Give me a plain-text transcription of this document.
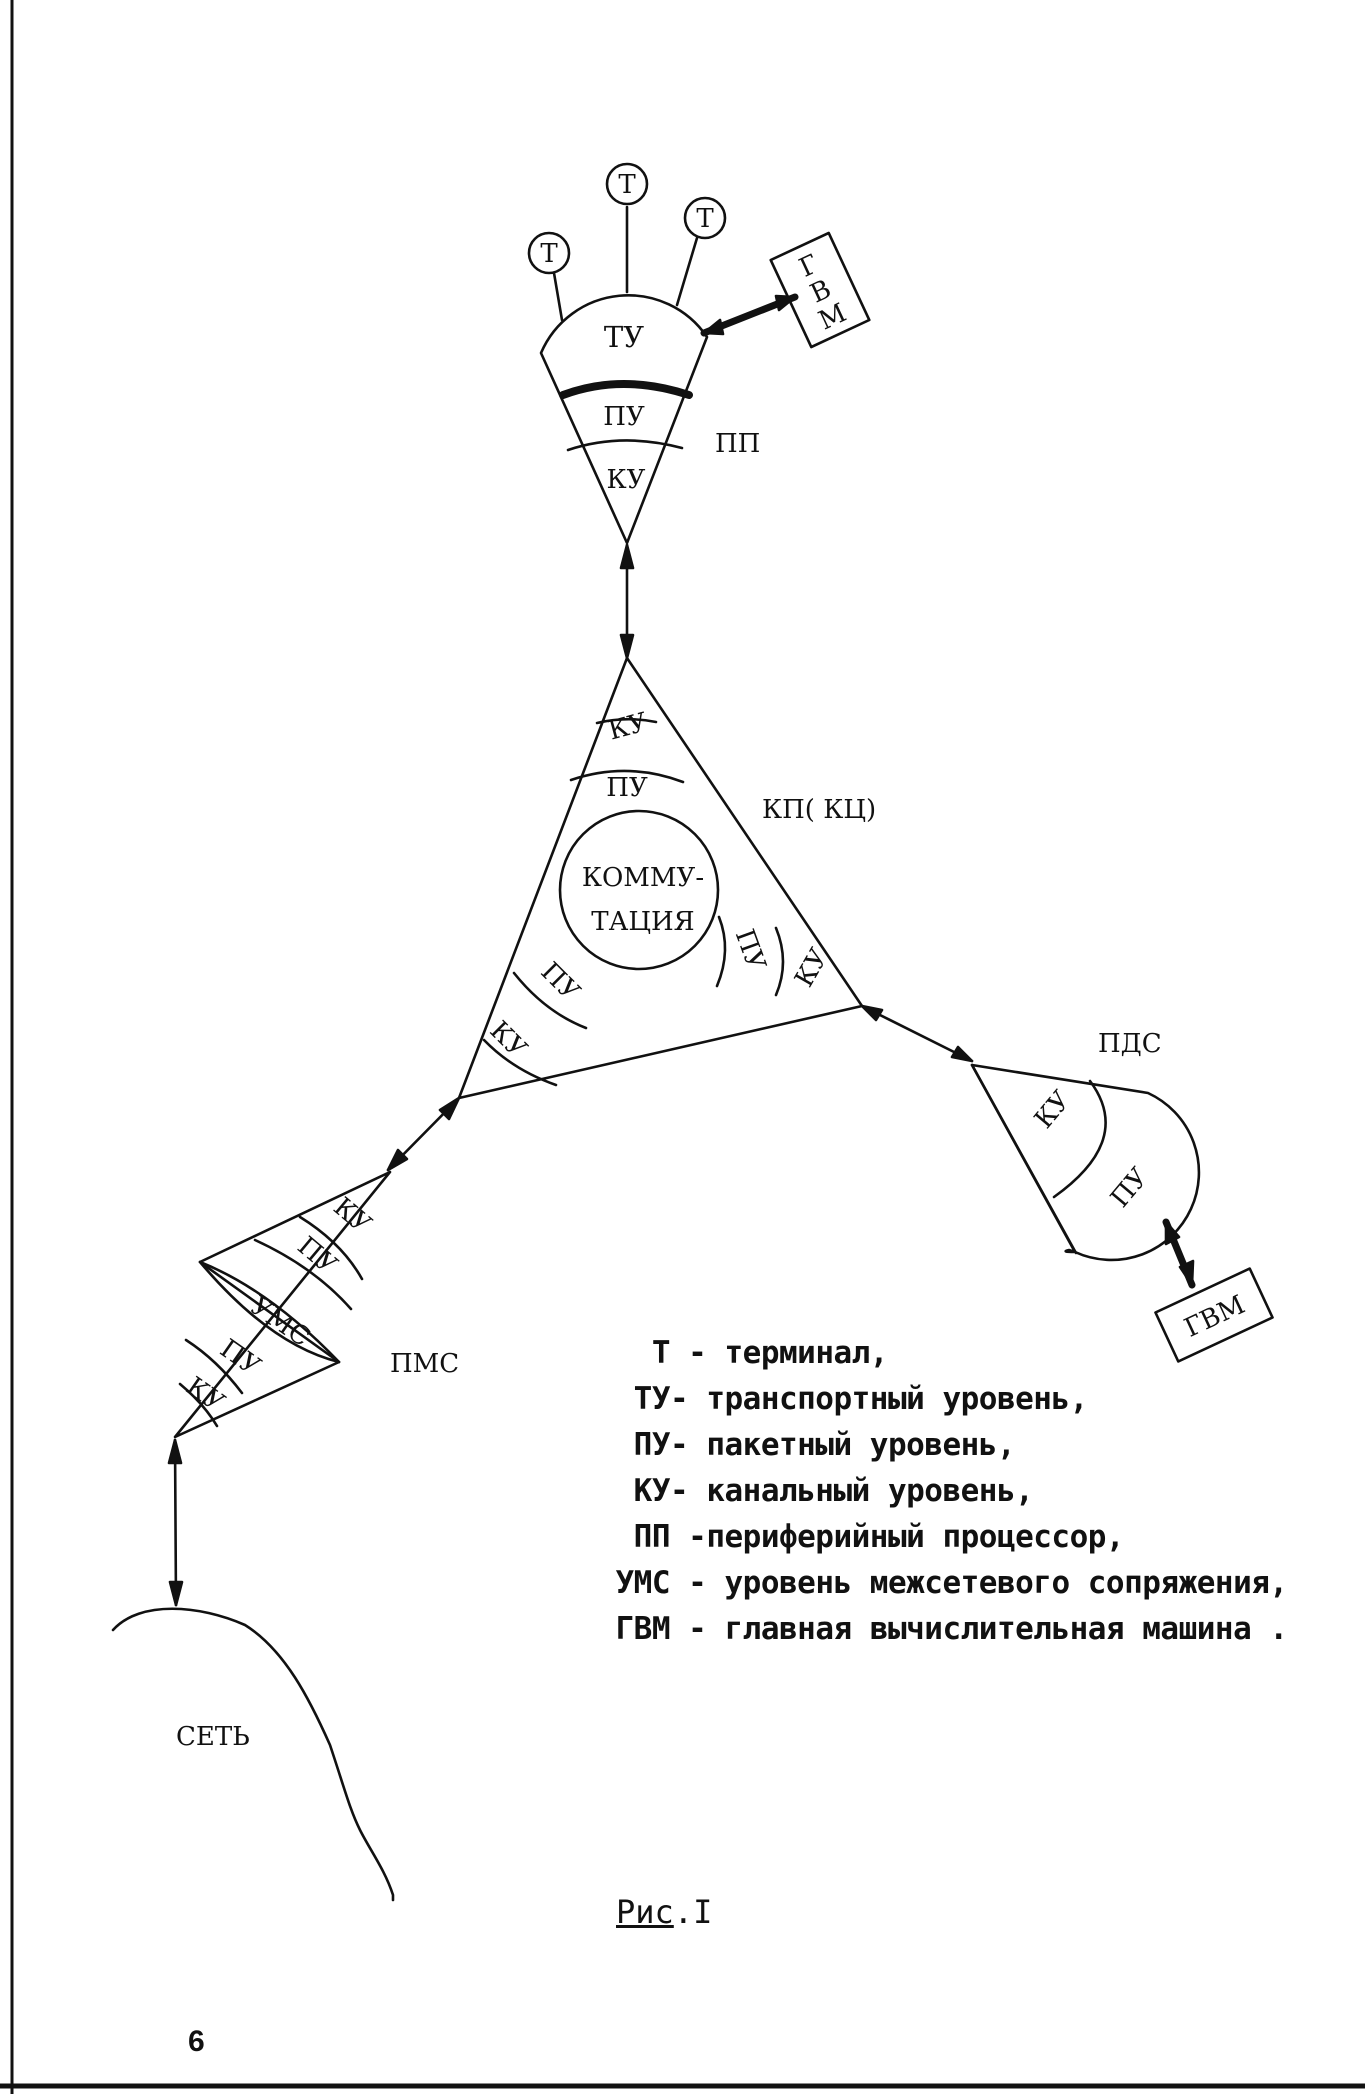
Т
Т
Т
Г
В
М
ТУ
ПУ
КУ
ПП
КУ
ПУ
КОММУ-
ТАЦИЯ
КП( КЦ)
ПУ КУ
ПУ
КУ	ПДС
КУ
ПУ
ГВМ
КУ
ПУ
УМС
ПУ
КУ
ПМС
СЕТЬ
Т - терминал,
ТУ- транспортный уровень,
ПУ- пакетный уровень,
КУ- канальный уровень,
ПП -периферийный процессор,
УМС - уровень межсетевого сопряжения,
ГВМ - главная вычислительная машина .
Рис.I
6
